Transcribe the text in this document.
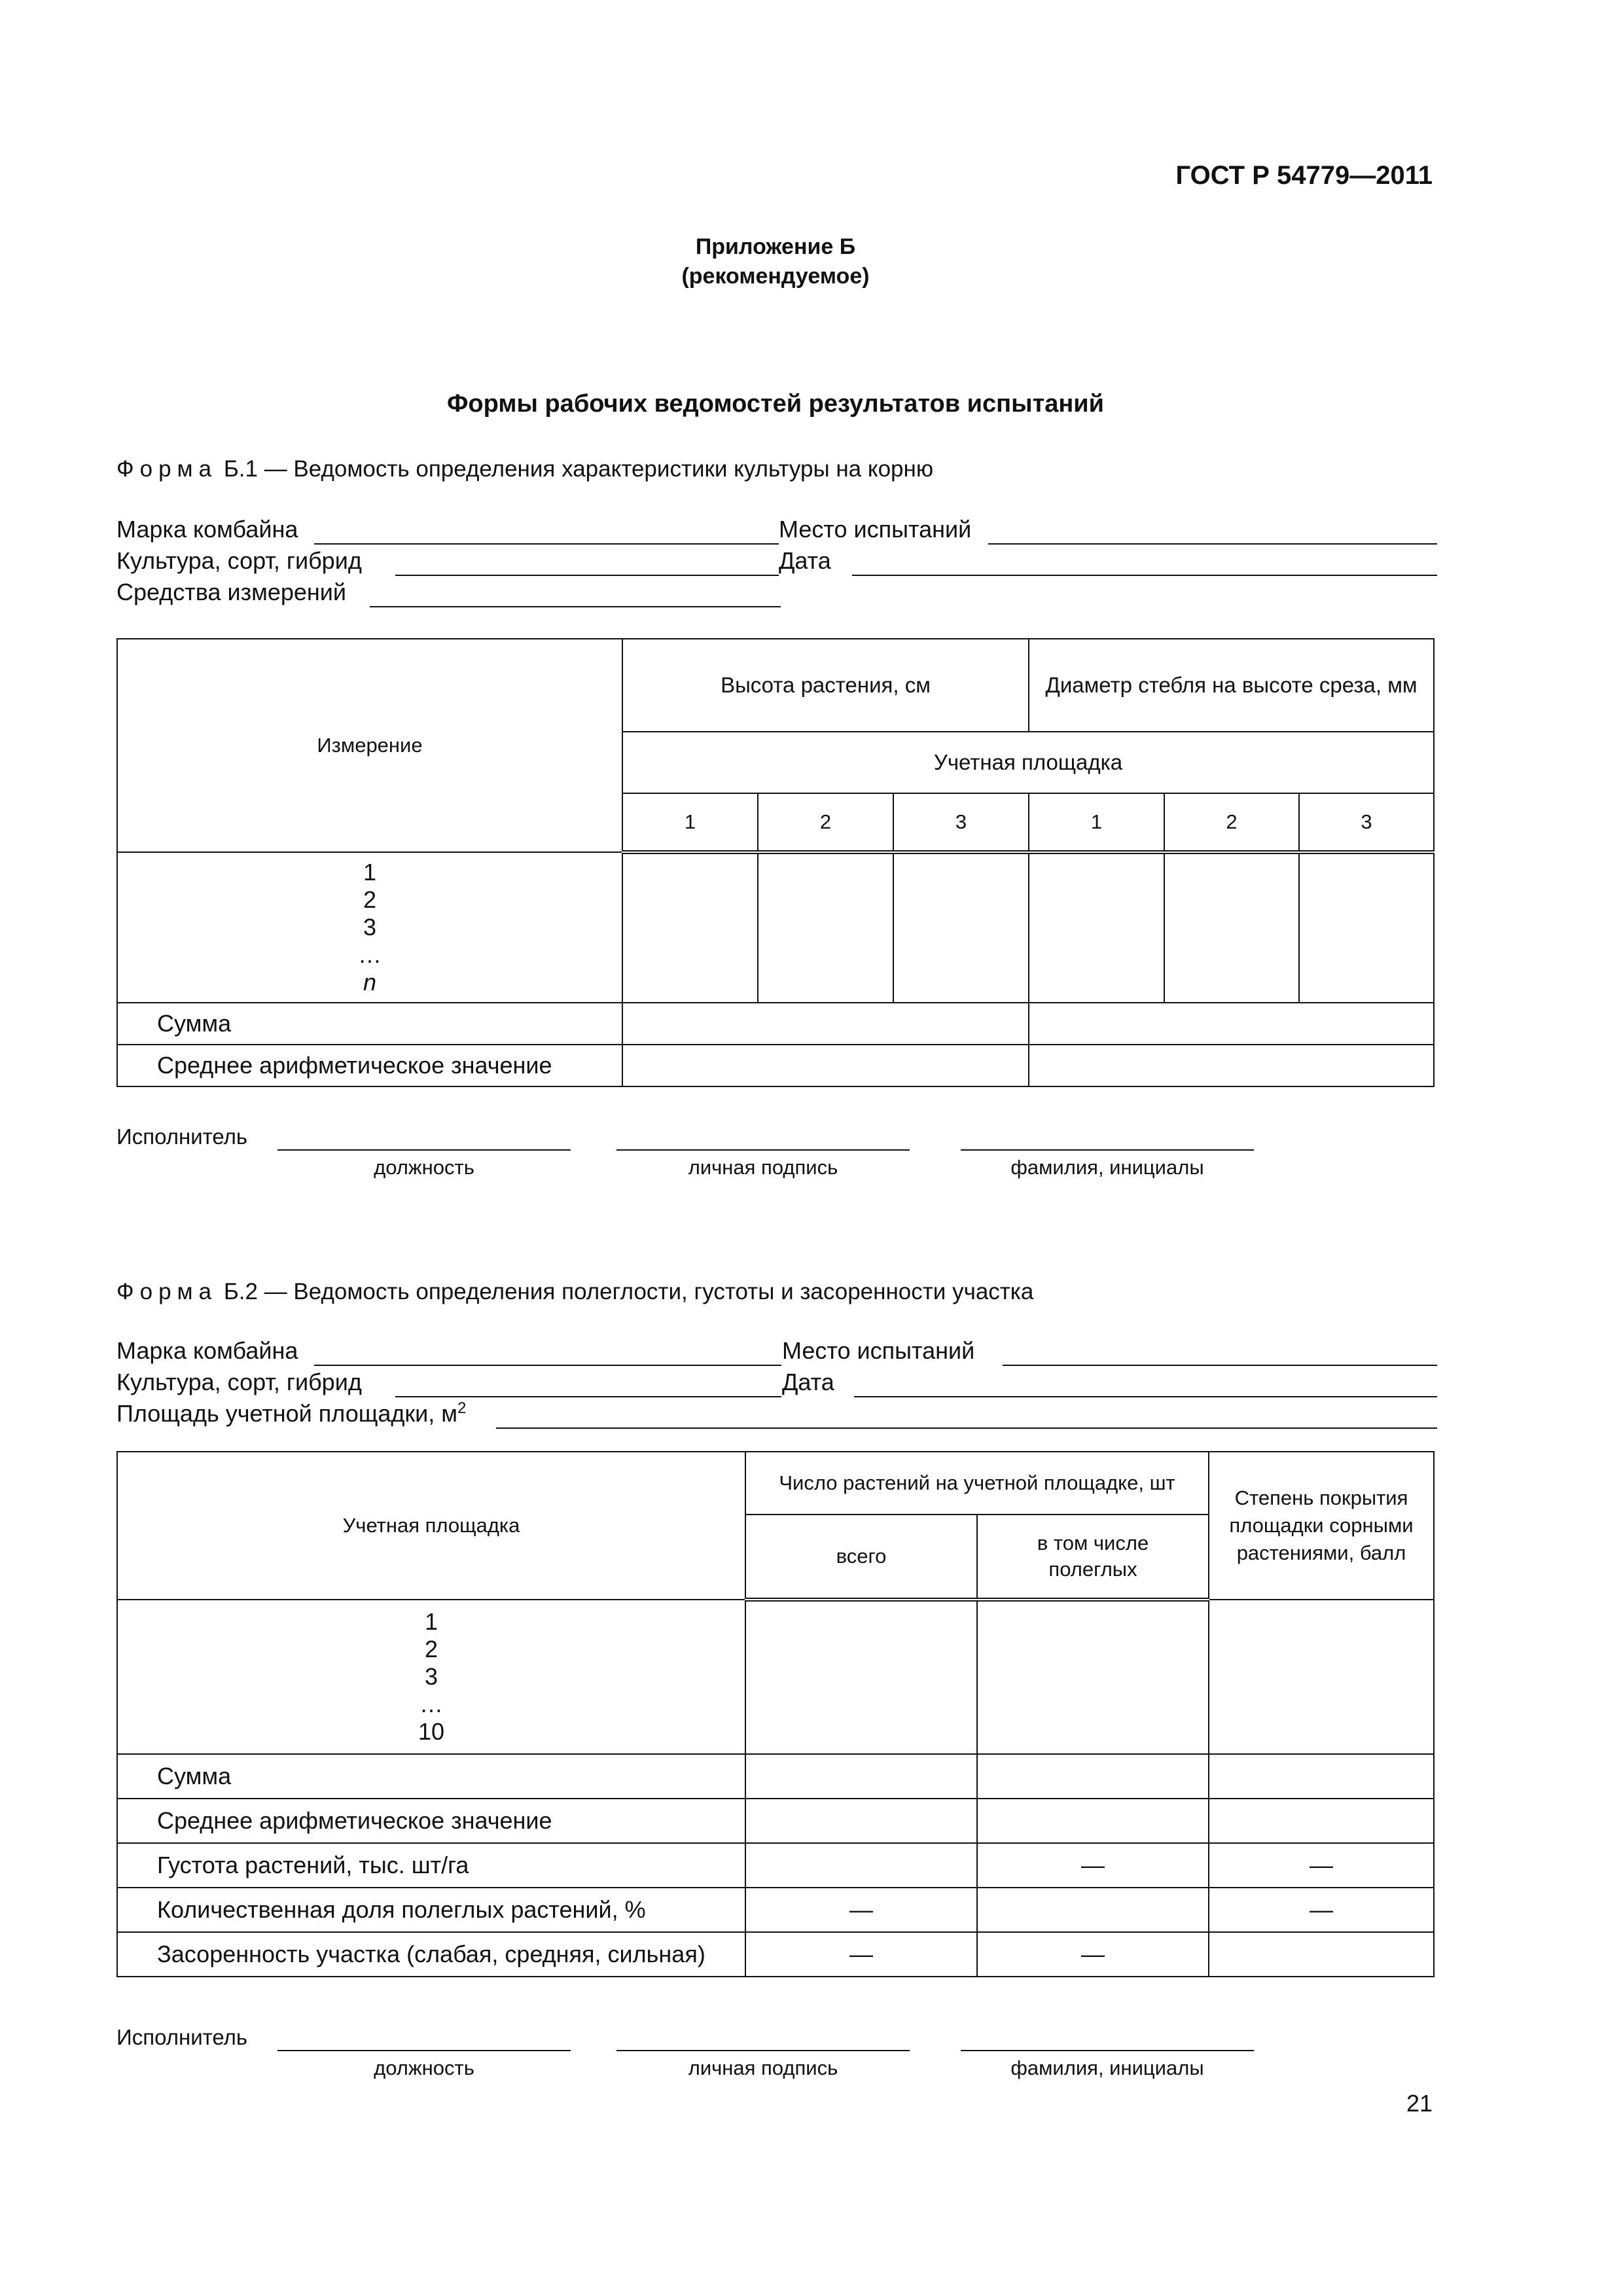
ГОСТ Р 54779—2011
Приложение Б
(рекомендуемое)
Формы рабочих ведомостей результатов испытаний
Форма Б.1 — Ведомость определения характеристики культуры на корню
Марка комбайна	Место испытаний
Культура, сорт, гибрид	Дата
Средства измерений
Измерение	Высота растения, см			Диаметр стебля на высоте среза, мм		
	Учетная площадка					
	1	2	3	1	2	3

1
2
3
…
n						

Сумма						
Среднее арифметическое значение						
Исполнитель
должность	личная подпись	фамилия, инициалы
Форма Б.2 — Ведомость определения полеглости, густоты и засоренности участка
Марка комбайна	Место испытаний
Культура, сорт, гибрид	Дата
Площадь учетной площадки, $м^2$
Учетная площадка	Число растений на учетной площадке, шт		Степень покрытия площадки сорными растениями, балл
	всего	в том числе полеглых	

1
2
3
…
10			

Сумма			
Среднее арифметическое значение			
Густота растений, тыс. шт/га		—	—
Количественная доля полеглых растений, %	—		—
Засоренность участка (слабая, средняя, сильная)	—	—	
Исполнитель
должность	личная подпись	фамилия, инициалы
21
